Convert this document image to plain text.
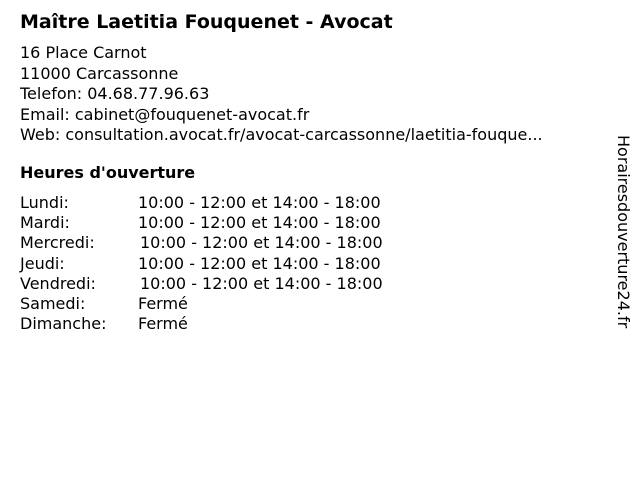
Maître Laetitia Fouquenet - Avocat
16 Place Carnot
11000 Carcassonne
Telefon: 04.68.77.96.63
Email: cabinet@fouquenet-avocat.fr
Web: consultation.avocat.fr/avocat-carcassonne/laetitia-fouque...
Heures d'ouverture
Lundi:	10:00 - 12:00 et 14:00 - 18:00
Mardi:	10:00 - 12:00 et 14:00 - 18:00
Mercredi:	10:00 - 12:00 et 14:00 - 18:00
Jeudi:	10:00 - 12:00 et 14:00 - 18:00
Vendredi:	10:00 - 12:00 et 14:00 - 18:00
Samedi:	Fermé
Dimanche:	Fermé	Horairesdouverture24.fr
